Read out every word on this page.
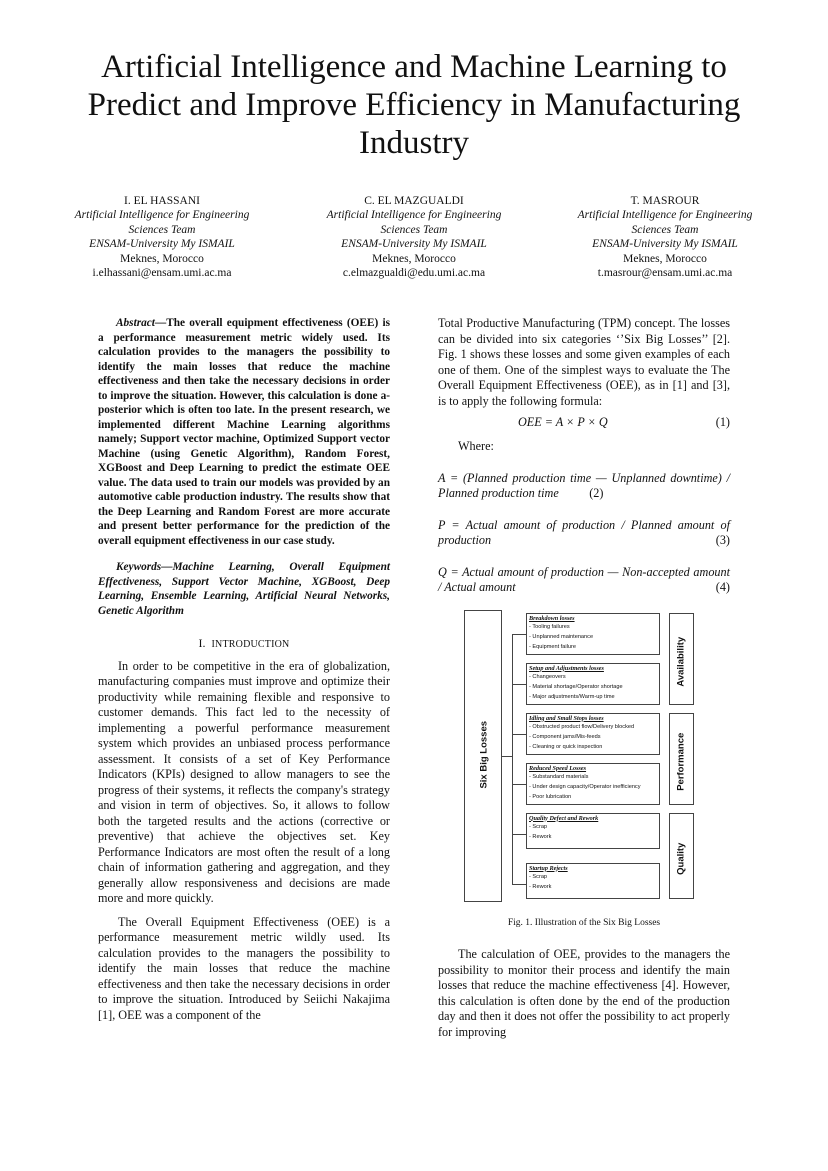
Artificial Intelligence and Machine Learning to Predict and Improve Efficiency in Manufacturing Industry
I. EL HASSANI
Artificial Intelligence for Engineering
Sciences Team
ENSAM-University My ISMAIL
Meknes, Morocco
i.elhassani@ensam.umi.ac.ma
C. EL MAZGUALDI
Artificial Intelligence for Engineering
Sciences Team
ENSAM-University My ISMAIL
Meknes, Morocco
c.elmazgualdi@edu.umi.ac.ma
T. MASROUR
Artificial Intelligence for Engineering
Sciences Team
ENSAM-University My ISMAIL
Meknes, Morocco
t.masrour@ensam.umi.ac.ma

Abstract—The overall equipment effectiveness (OEE) is a performance measurement metric widely used. Its calculation provides to the managers the possibility to identify the main losses that reduce the machine effectiveness and then take the necessary decisions in order to improve the situation. However, this calculation is done a-posterior which is often too late. In the present research, we implemented different Machine Learning algorithms namely; Support vector machine, Optimized Support vector Machine (using Genetic Algorithm), Random Forest, XGBoost and Deep Learning to predict the estimate OEE value. The data used to train our models was provided by an automotive cable production industry. The results show that the Deep Learning and Random Forest are more accurate and present better performance for the prediction of the overall equipment effectiveness in our case study.

Keywords—Machine Learning, Overall Equipment Effectiveness, Support Vector Machine, XGBoost, Deep Learning, Ensemble Learning, Artificial Neural Networks, Genetic Algorithm

I. INTRODUCTION

In order to be competitive in the era of globalization, manufacturing companies must improve and optimize their productivity while remaining flexible and responsive to customer demands. This fact led to the necessity of implementing a powerful performance measurement system which provides an unbiased process performance assessment. It consists of a set of Key Performance Indicators (KPIs) designed to allow managers to see the progress of their systems, it reflects the company's strategy and vision in term of objectives. So, it allows to follow both the targeted results and the actions (corrective or preventive) that achieve the objectives set. Key Performance Indicators are most often the result of a long chain of information gathering and aggregation, and they generally allow responsiveness and decisions are made more and more quickly.

The Overall Equipment Effectiveness (OEE) is a performance measurement metric wildly used. Its calculation provides to the managers the possibility to identify the main losses that reduce the machine effectiveness and then take the necessary decisions in order to improve the situation. Introduced by Seiichi Nakajima [1], OEE was a component of the

Total Productive Manufacturing (TPM) concept. The losses can be divided into six categories ‘’Six Big Losses’’ [2]. Fig. 1 shows these losses and some given examples of each one of them. One of the simplest ways to evaluate the The Overall Equipment Effectiveness (OEE), as in [1] and [3], is to apply the following formula:

OEE = A × P × Q	(1)

Where:

A = (Planned production time — Unplanned downtime) / Planned production time (2)

P = Actual amount of production / Planned amount of production	(3)

Q = Actual amount of production — Non-accepted amount / Actual amount	(4)

Six Big Losses
Breakdown losses
- Tooling failures
- Unplanned maintenance
- Equipment failure
Setup and Adjustments losses
- Changeovers
- Material shortage/Operator shortage
- Major adjustments/Warm-up time
Idling and Small Stops losses
- Obstructed product flow/Delivery blocked
- Component jams/Mis-feeds
- Cleaning or quick inspection
Reduced Speed Losses
- Substandard materials
- Under design capacity/Operator inefficiency
- Poor lubrication
Quality Defect and Rework
- Scrap
- Rework
Startup Rejects
- Scrap
- Rework
Availability
Performance
Quality

Fig. 1. Illustration of the Six Big Losses

The calculation of OEE, provides to the managers the possibility to monitor their process and identify the main losses that reduce the machine effectiveness [4]. However, this calculation is often done by the end of the production day and then it does not offer the possibility to act properly for improving
